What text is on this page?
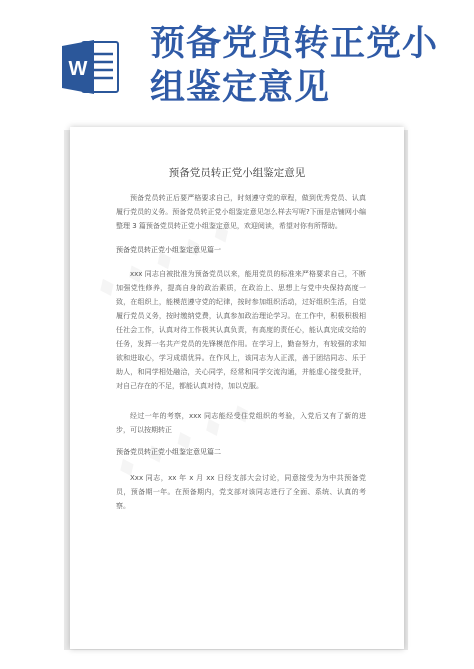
W
预备党员转正党小组鉴定意见
预备党员转正党小组鉴定意见

预备党员转正后要严格要求自己，时刻遵守党的章程，做到优秀党员、认真履行党员的义务。预备党员转正党小组鉴定意见怎么样去写呢?下面是店铺网小编整理 3 篇预备党员转正党小组鉴定意见，欢迎阅读，希望对你有所帮助。

预备党员转正党小组鉴定意见篇一

xxx 同志自被批准为预备党员以来，能用党员的标准来严格要求自己，不断加强党性修养，提高自身的政治素质，在政治上、思想上与党中央保持高度一致，在组织上，能模范遵守党的纪律，按时参加组织活动，过好组织生活，自觉履行党员义务，按时缴纳党费，认真参加政治理论学习。在工作中，积极积极相任社会工作，认真对待工作极其认真负责，有高度的责任心，能认真完成交给的任务，发挥一名共产党员的先锋模范作用。在学习上，勤奋努力，有较强的求知欲和进取心，学习成绩优异。在作风上，该同志为人正派，善于团结同志、乐于助人，和同学相处融洽，关心同学，经常和同学交流沟通，并能虚心接受批评，对自己存在的不足，都能认真对待，加以克服。

经过一年的考察，xxx 同志能经受住党组织的考验，入党后又有了新的进步，可以按期转正

预备党员转正党小组鉴定意见篇二

Xxx 同志，xx 年 x 月 xx 日经支部大会讨论，同意接受为为中共预备党员，预备期一年。在预备期内，党支部对该同志进行了全面、系统、认真的考察。
